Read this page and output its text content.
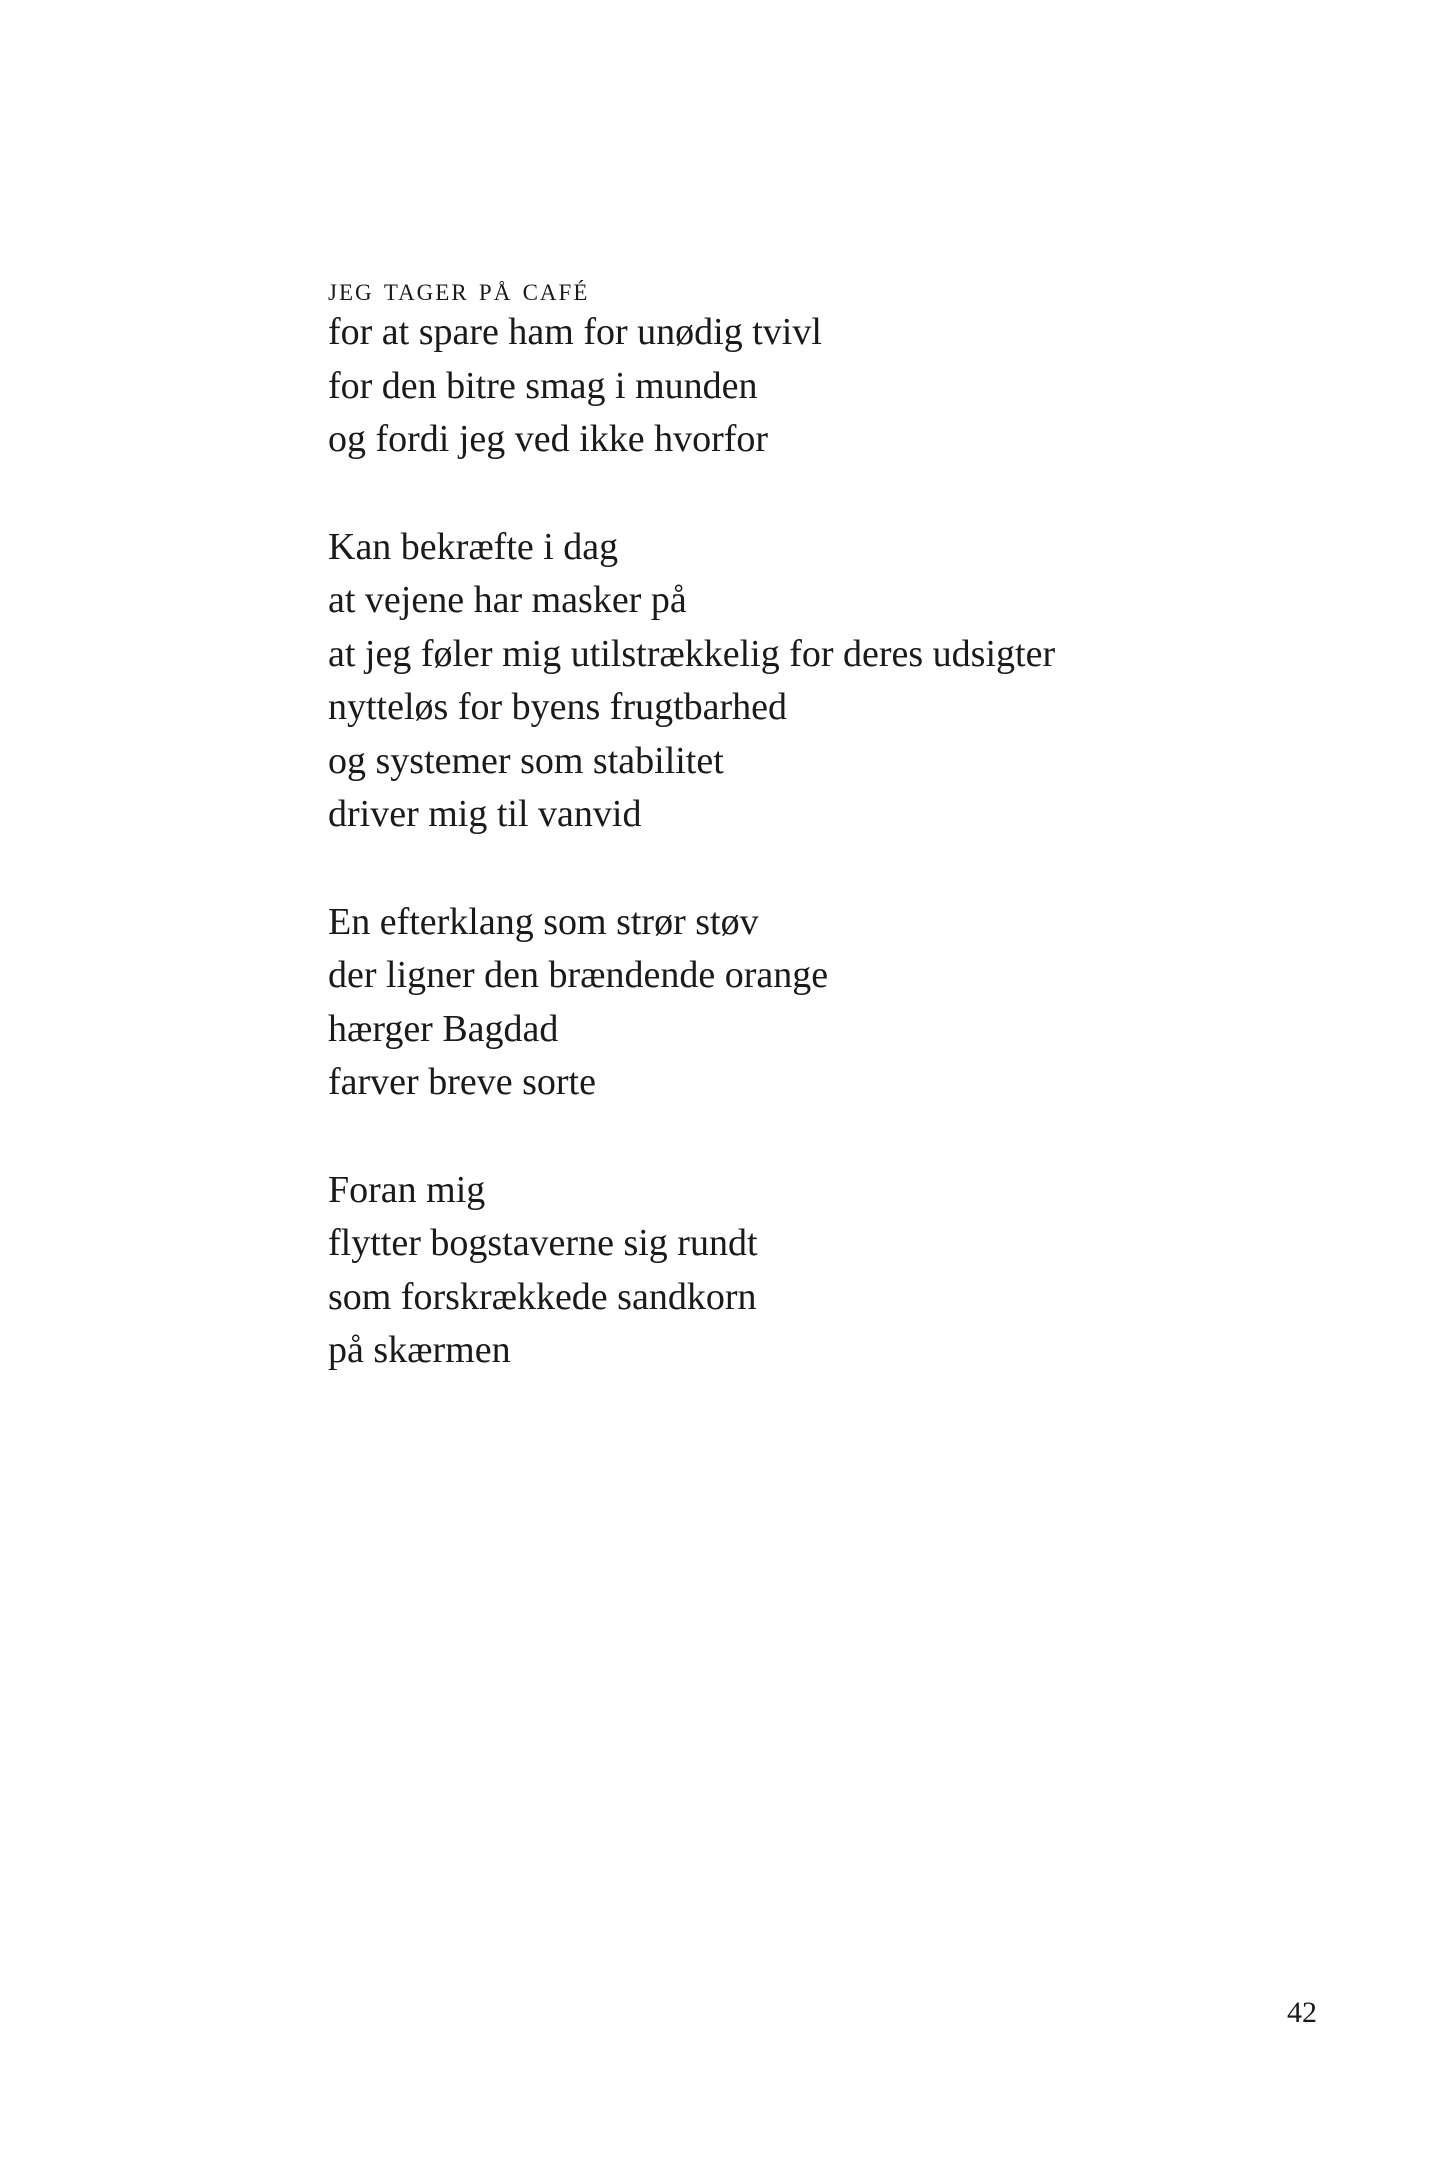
jeg tager på café
for at spare ham for unødig tvivl
for den bitre smag i munden
og fordi jeg ved ikke hvorfor
Kan bekræfte i dag
at vejene har masker på
at jeg føler mig utilstrækkelig for deres udsigter
nytteløs for byens frugtbarhed
og systemer som stabilitet
driver mig til vanvid
En efterklang som strør støv
der ligner den brændende orange
hærger Bagdad
farver breve sorte
Foran mig
flytter bogstaverne sig rundt
som forskrækkede sandkorn
på skærmen
42
